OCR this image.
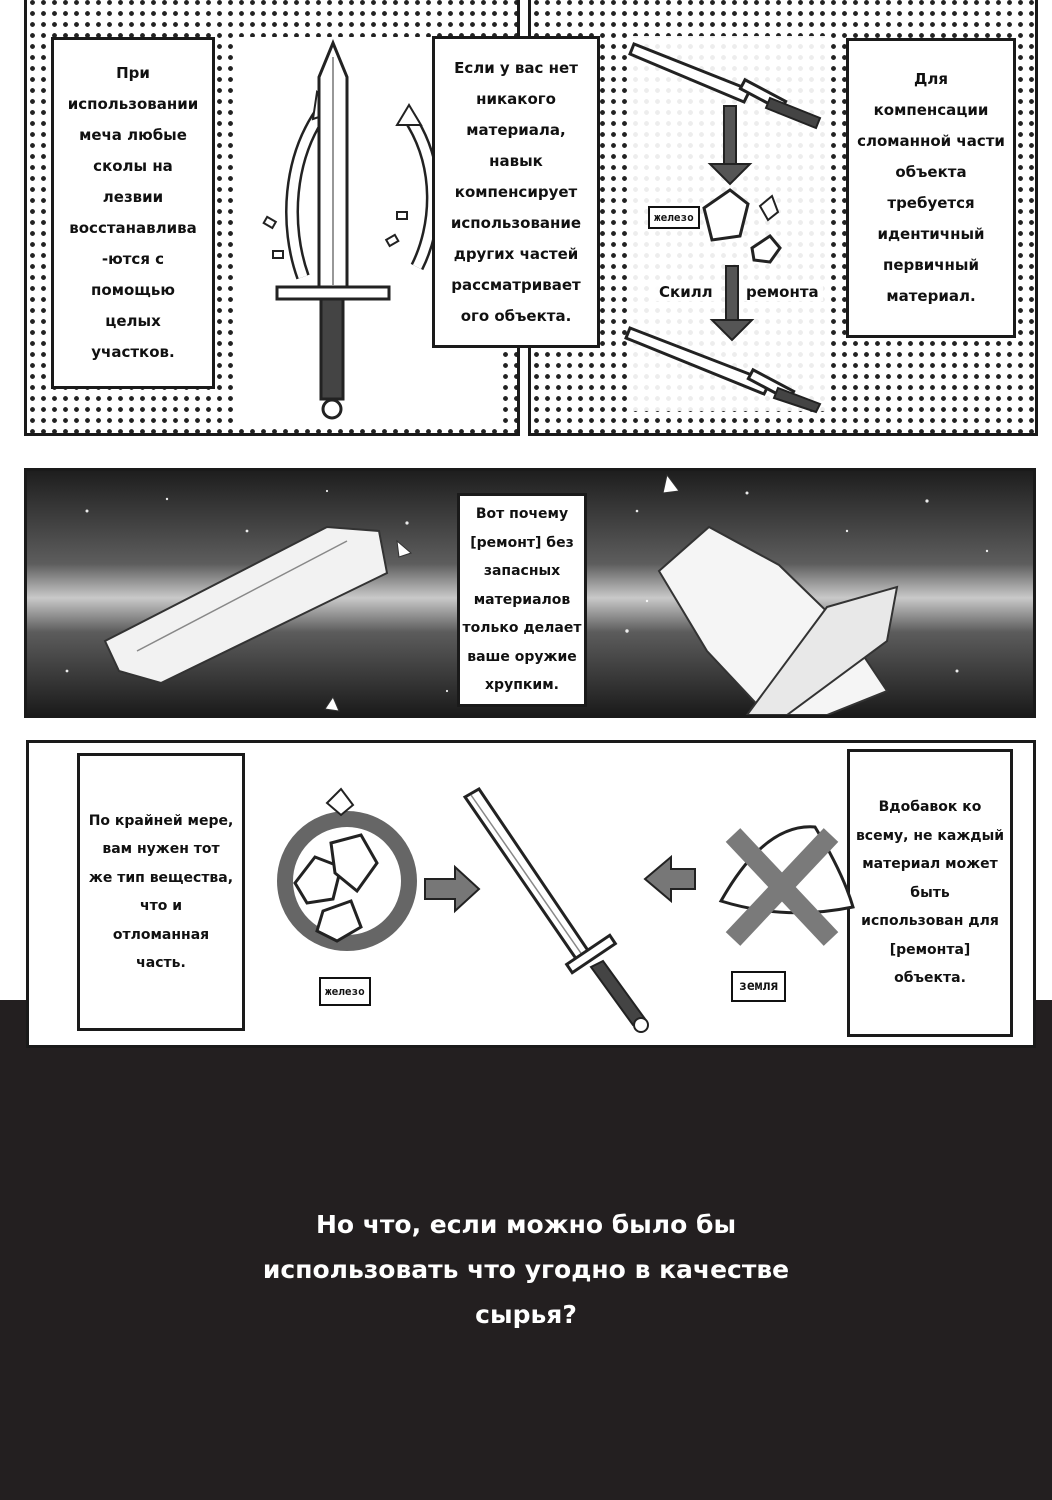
При
использовании
меча любые
сколы на
лезвии
восстанавлива
-ются с
помощью
целых
участков.
Если у вас нет
никакого
материала,
навык
компенсирует
использование
других частей
рассматривает
ого объекта.
Для
компенсации
сломанной части
объекта
требуется
идентичный
первичный
материал.
железо
Скилл ремонта
Вот почему
[ремонт] без
запасных
материалов
только делает
ваше оружие
хрупким.
По крайней мере,
вам нужен тот
же тип вещества,
что и
отломанная
часть.
Вдобавок ко
всему, не каждый
материал может
быть
использован для
[ремонта]
объекта.
железо	земля
Но что, если можно было бы
использовать что угодно в качестве
сырья?
